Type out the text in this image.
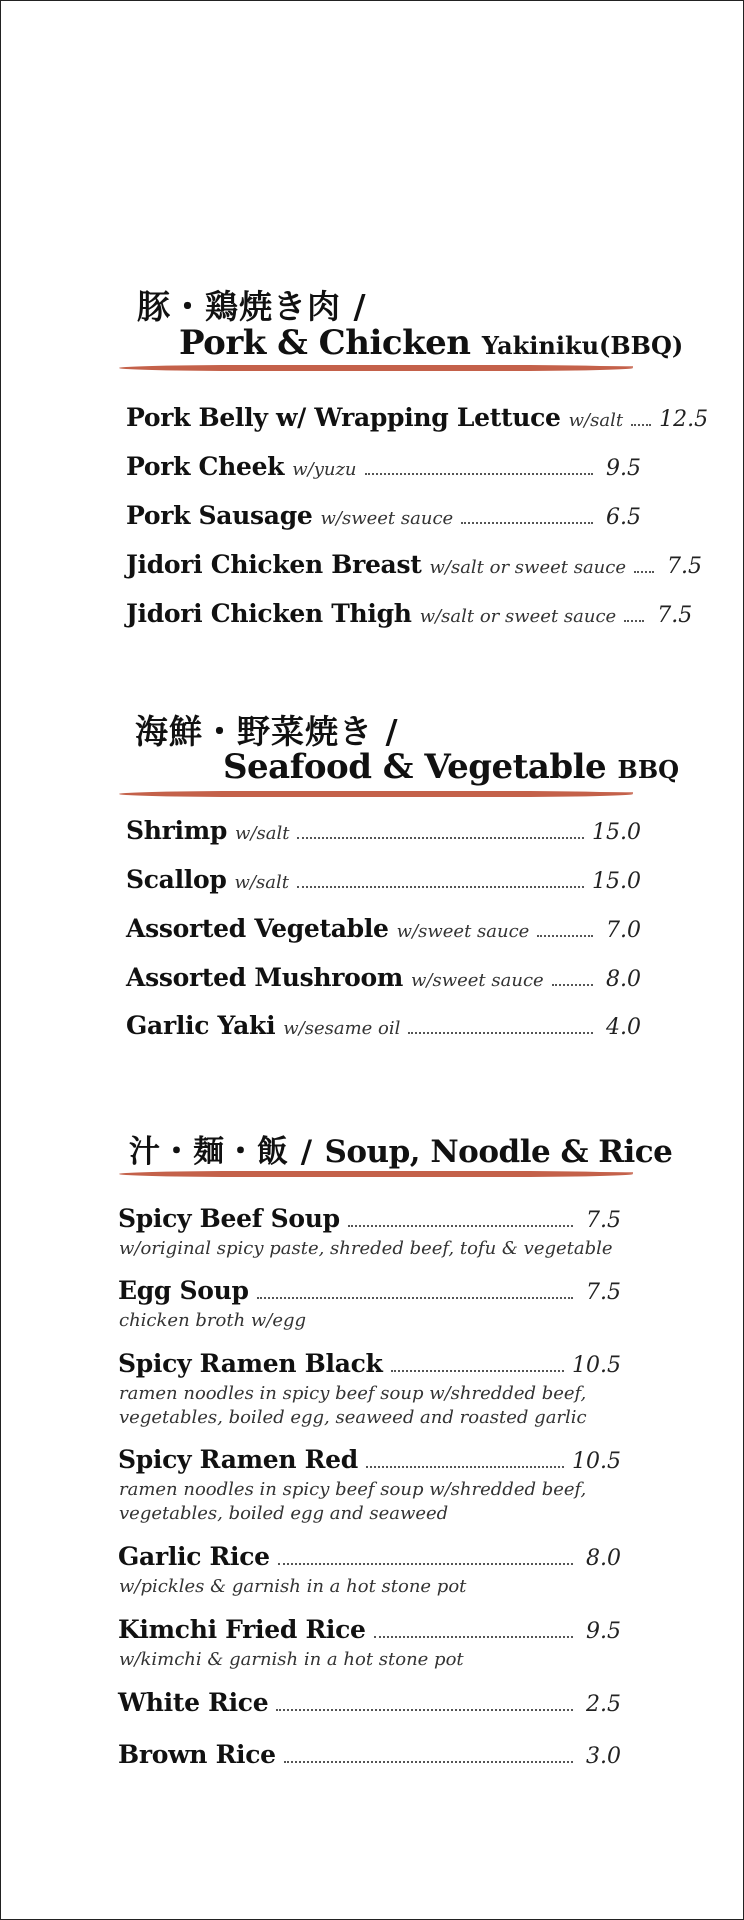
豚・鶏焼き肉 /
Pork & Chicken Yakiniku(BBQ)
Pork Belly w/ Wrapping Lettuce w/salt 12.5
Pork Cheek w/yuzu	9.5
Pork Sausage w/sweet sauce	6.5
Jidori Chicken Breast w/salt or sweet sauce 7.5
Jidori Chicken Thigh w/salt or sweet sauce 7.5
海鮮・野菜焼き /
Seafood & Vegetable BBQ
Shrimp w/salt	15.0
Scallop w/salt	15.0
Assorted Vegetable w/sweet sauce	7.0
Assorted Mushroom w/sweet sauce	8.0
Garlic Yaki w/sesame oil	4.0
汁・麺・飯 / Soup, Noodle & Rice
Spicy Beef Soup	7.5
w/original spicy paste, shreded beef, tofu & vegetable
Egg Soup	7.5
chicken broth w/egg
Spicy Ramen Black	10.5
ramen noodles in spicy beef soup w/shredded beef,
vegetables, boiled egg, seaweed and roasted garlic
Spicy Ramen Red	10.5
ramen noodles in spicy beef soup w/shredded beef,
vegetables, boiled egg and seaweed
Garlic Rice	8.0
w/pickles & garnish in a hot stone pot
Kimchi Fried Rice	9.5
w/kimchi & garnish in a hot stone pot
White Rice	2.5
Brown Rice	3.0
